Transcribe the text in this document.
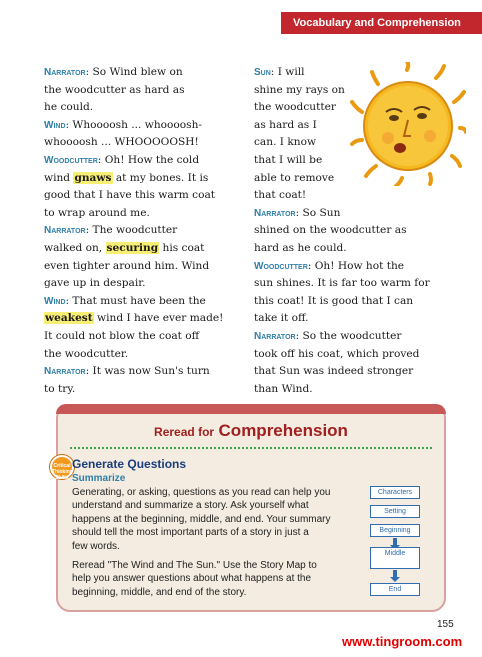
Vocabulary and Comprehension
Narrator: So Wind blew on
the woodcutter as hard as
he could.
Wind: Whoooosh ... whoooosh-
whoooosh ... WHOOOOOSH!
Woodcutter: Oh! How the cold
wind gnaws at my bones. It is
good that I have this warm coat
to wrap around me.
Narrator: The woodcutter
walked on, securing his coat
even tighter around him. Wind
gave up in despair.
Wind: That must have been the
weakest wind I have ever made!
It could not blow the coat off
the woodcutter.
Narrator: It was now Sun's turn
to try.
Sun: I will
shine my rays on
the woodcutter
as hard as I
can. I know
that I will be
able to remove
that coat!
Narrator: So Sun
shined on the woodcutter as
hard as he could.
Woodcutter: Oh! How hot the
sun shines. It is far too warm for
this coat! It is good that I can
take it off.
Narrator: So the woodcutter
took off his coat, which proved
that Sun was indeed stronger
than Wind.
Reread for Comprehension
Critical
Thinking
Skills
Generate Questions
Summarize
Generating, or asking, questions as you read can help you
understand and summarize a story. Ask yourself what
happens at the beginning, middle, and end. Your summary
should tell the most important parts of a story in just a
few words.
Reread "The Wind and The Sun." Use the Story Map to
help you answer questions about what happens at the
beginning, middle, and end of the story.
Characters
Setting
Beginning
Middle
End
155
www.tingroom.com
